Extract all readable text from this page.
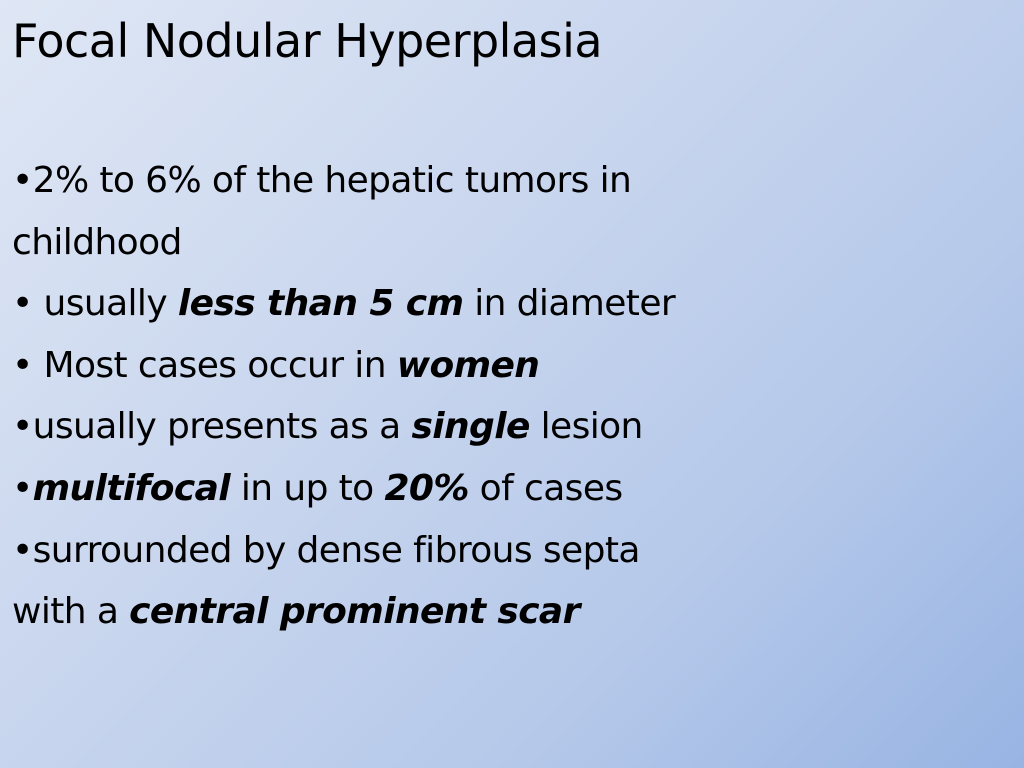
Focal Nodular Hyperplasia
•2% to 6% of the hepatic tumors in
childhood
• usually less than 5 cm in diameter
• Most cases occur in women
•usually presents as a single lesion
•multifocal in up to 20% of cases
•surrounded by dense fibrous septa
with a central prominent scar
